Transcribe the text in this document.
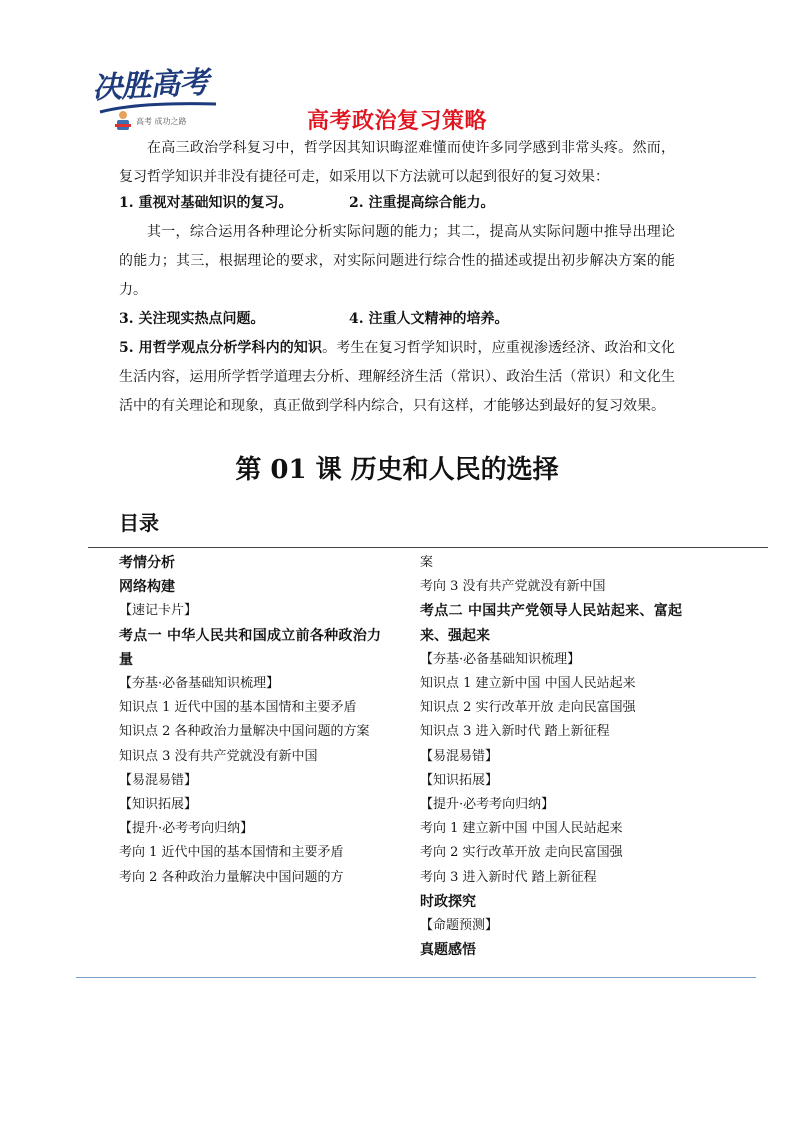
决胜高考
高考 成功之路	高考政治复习策略

在高三政治学科复习中，哲学因其知识晦涩难懂而使许多同学感到非常头疼。然而，复习哲学知识并非没有捷径可走，如采用以下方法就可以起到很好的复习效果：

1. 重视对基础知识的复习。	2. 注重提高综合能力。

其一，综合运用各种理论分析实际问题的能力；其二，提高从实际问题中推导出理论的能力；其三，根据理论的要求，对实际问题进行综合性的描述或提出初步解决方案的能力。

3. 关注现实热点问题。	4. 注重人文精神的培养。

5. 用哲学观点分析学科内的知识。考生在复习哲学知识时，应重视渗透经济、政治和文化生活内容，运用所学哲学道理去分析、理解经济生活（常识）、政治生活（常识）和文化生活中的有关理论和现象，真正做到学科内综合，只有这样，才能够达到最好的复习效果。

第 01 课 历史和人民的选择
目录

考情分析

网络构建

【速记卡片】

考点一 中华人民共和国成立前各种政治力量

【夯基·必备基础知识梳理】

知识点 1 近代中国的基本国情和主要矛盾

知识点 2 各种政治力量解决中国问题的方案

知识点 3 没有共产党就没有新中国

【易混易错】

【知识拓展】

【提升·必考考向归纳】

考向 1 近代中国的基本国情和主要矛盾

考向 2 各种政治力量解决中国问题的方

案

考向 3 没有共产党就没有新中国

考点二 中国共产党领导人民站起来、富起来、强起来

【夯基·必备基础知识梳理】

知识点 1 建立新中国 中国人民站起来

知识点 2 实行改革开放 走向民富国强

知识点 3 进入新时代 踏上新征程

【易混易错】

【知识拓展】

【提升·必考考向归纳】

考向 1 建立新中国 中国人民站起来

考向 2 实行改革开放 走向民富国强

考向 3 进入新时代 踏上新征程

时政探究

【命题预测】

真题感悟
